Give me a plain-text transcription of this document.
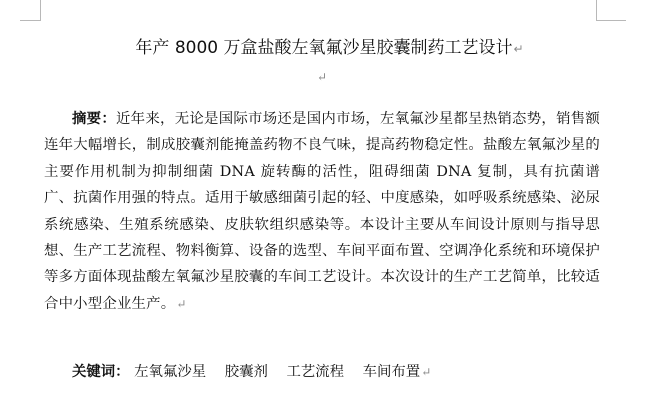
年产 8000 万盒盐酸左氧氟沙星胶囊制药工艺设计↵
↵
摘要：近年来，无论是国际市场还是国内市场，左氧氟沙星都呈热销态势，销售额连年大幅增长，制成胶囊剂能掩盖药物不良气味，提高药物稳定性。盐酸左氧氟沙星的主要作用机制为抑制细菌 DNA 旋转酶的活性，阻碍细菌 DNA 复制，具有抗菌谱广、抗菌作用强的特点。适用于敏感细菌引起的轻、中度感染，如呼吸系统感染、泌尿系统感染、生殖系统感染、皮肤软组织感染等。本设计主要从车间设计原则与指导思想、生产工艺流程、物料衡算、设备的选型、车间平面布置、空调净化系统和环境保护等多方面体现盐酸左氧氟沙星胶囊的车间工艺设计。本次设计的生产工艺简单，比较适合中小型企业生产。↵
关键词： 左氧氟沙星 胶囊剂 工艺流程 车间布置↵
